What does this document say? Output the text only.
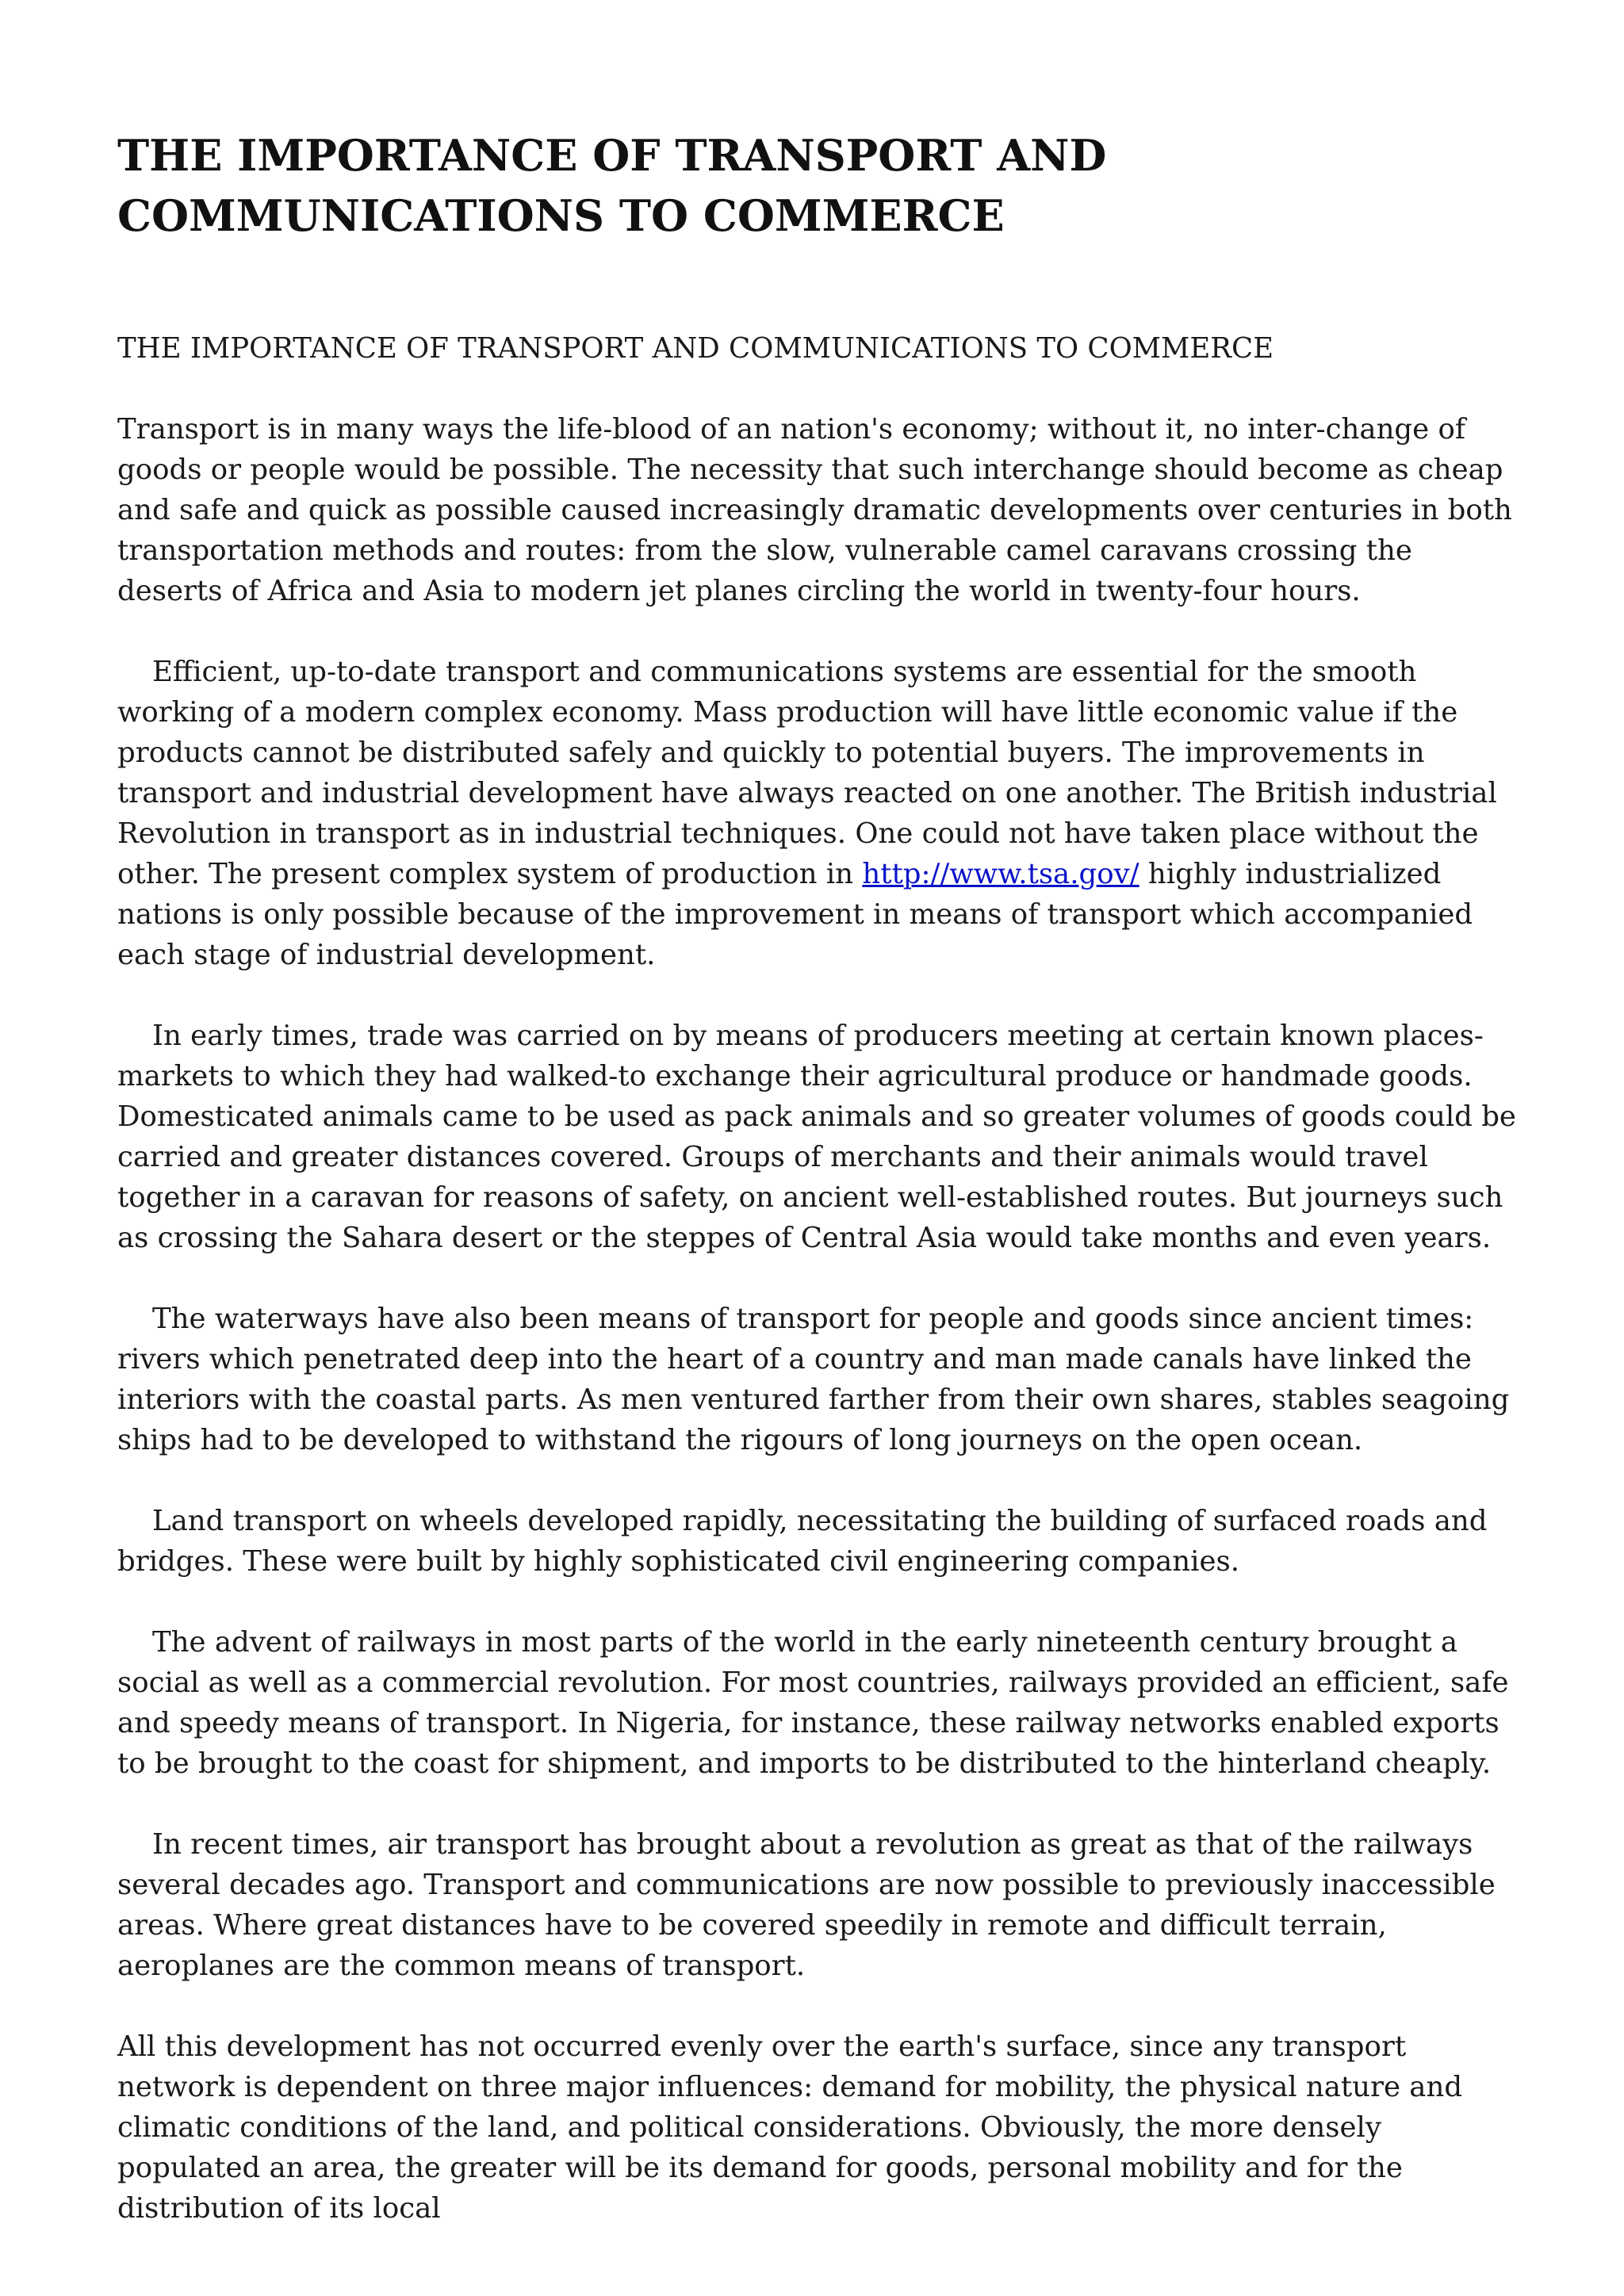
THE IMPORTANCE OF TRANSPORT AND COMMUNICATIONS TO COMMERCE
THE IMPORTANCE OF TRANSPORT AND COMMUNICATIONS TO COMMERCE

Transport is in many ways the life-blood of an nation's economy; without it, no inter-change of goods or people would be possible. The necessity that such interchange should become as cheap and safe and quick as possible caused increasingly dramatic developments over centuries in both transportation methods and routes: from the slow, vulnerable camel caravans crossing the deserts of Africa and Asia to modern jet planes circling the world in twenty-four hours.

Efficient, up-to-date transport and communications systems are essential for the smooth working of a modern complex economy. Mass production will have little economic value if the products cannot be distributed safely and quickly to potential buyers. The improvements in transport and industrial development have always reacted on one another. The British industrial Revolution in transport as in industrial techniques. One could not have taken place without the other. The present complex system of production in http://www.tsa.gov/ highly industrialized nations is only possible because of the improvement in means of transport which accompanied each stage of industrial development.

In early times, trade was carried on by means of producers meeting at certain known places-markets to which they had walked-to exchange their agricultural produce or handmade goods. Domesticated animals came to be used as pack animals and so greater volumes of goods could be carried and greater distances covered. Groups of merchants and their animals would travel together in a caravan for reasons of safety, on ancient well-established routes. But journeys such as crossing the Sahara desert or the steppes of Central Asia would take months and even years.

The waterways have also been means of transport for people and goods since ancient times: rivers which penetrated deep into the heart of a country and man made canals have linked the interiors with the coastal parts. As men ventured farther from their own shares, stables seagoing ships had to be developed to withstand the rigours of long journeys on the open ocean.

Land transport on wheels developed rapidly, necessitating the building of surfaced roads and bridges. These were built by highly sophisticated civil engineering companies.

The advent of railways in most parts of the world in the early nineteenth century brought a social as well as a commercial revolution. For most countries, railways provided an efficient, safe and speedy means of transport. In Nigeria, for instance, these railway networks enabled exports to be brought to the coast for shipment, and imports to be distributed to the hinterland cheaply.

In recent times, air transport has brought about a revolution as great as that of the railways several decades ago. Transport and communications are now possible to previously inaccessible areas. Where great distances have to be covered speedily in remote and difficult terrain, aeroplanes are the common means of transport.

All this development has not occurred evenly over the earth's surface, since any transport network is dependent on three major influences: demand for mobility, the physical nature and climatic conditions of the land, and political considerations. Obviously, the more densely populated an area, the greater will be its demand for goods, personal mobility and for the distribution of its local
